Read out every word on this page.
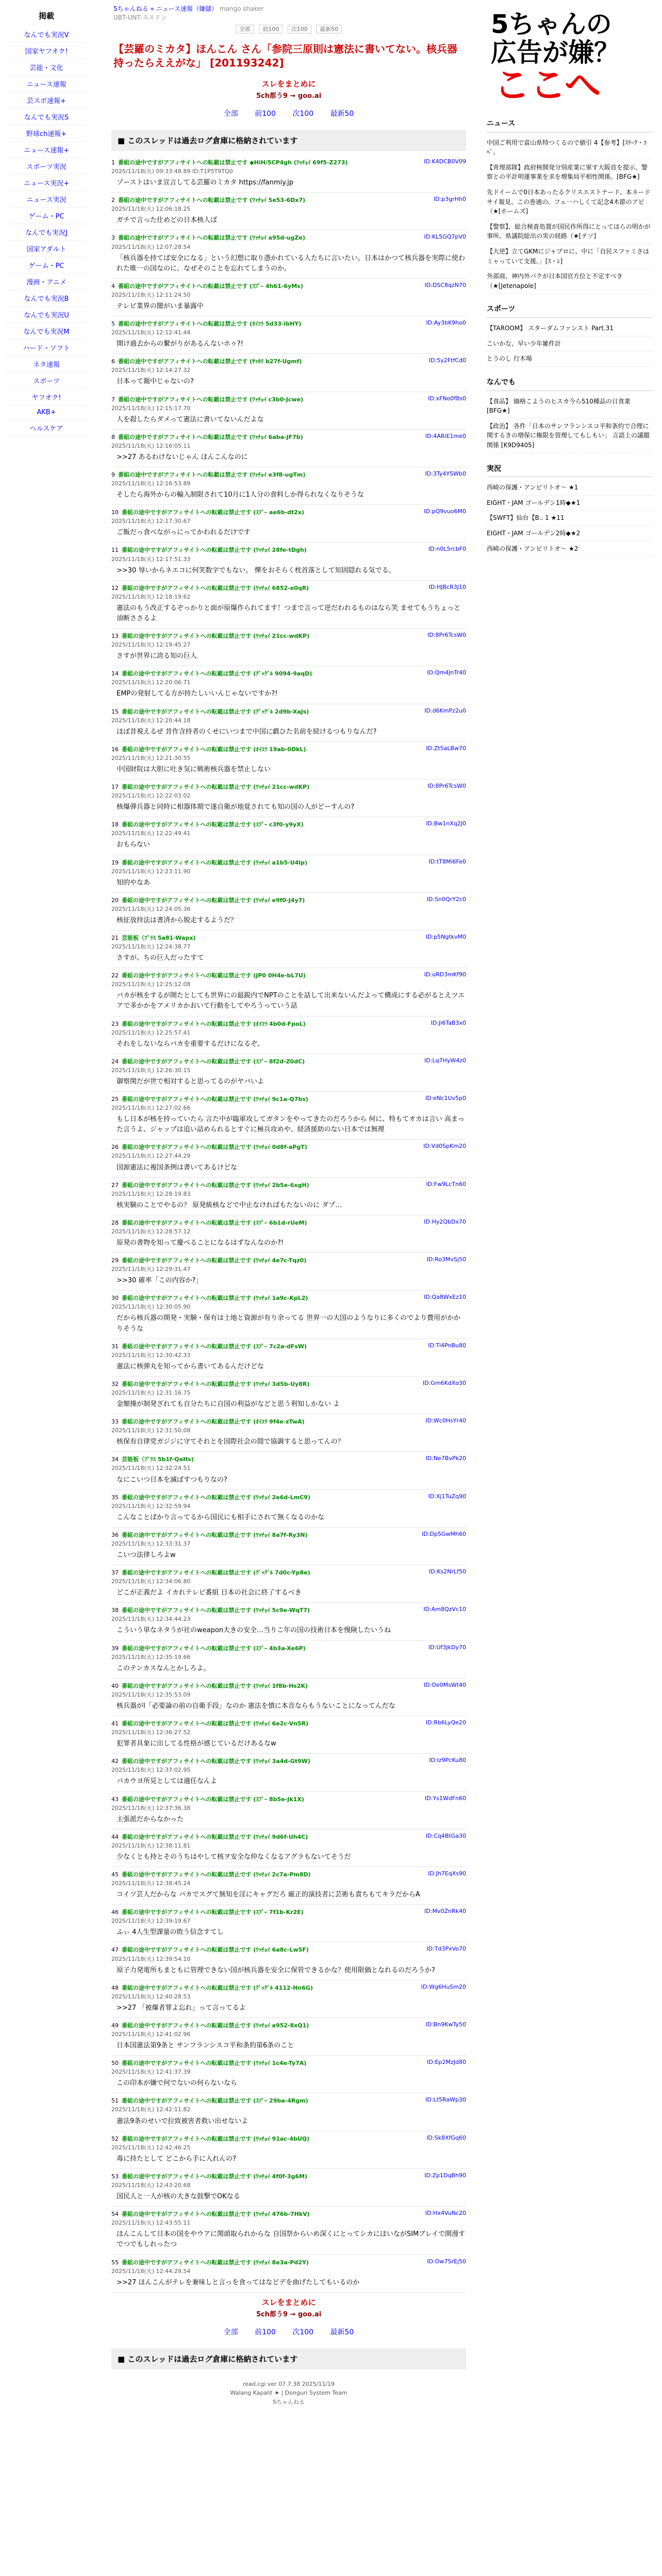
掲載
なんでも実況V
国家ヤフオク!
芸能・文化
ニュース速報
芸スポ速報+
なんでも実況S
野球ch速報+
ニュース速報+
スポーツ実況
ニュース実況+
ニュース実況
ゲーム・PC
なんでも実況J
国家アダルト
ゲーム・PC
漫画・アニメ
なんでも実況B
なんでも実況U
なんでも実況M
ハード・ソフト
ネタ速報
スポーツ
ヤフオク!
AKB+
ヘルスケア
5ちゃんねる » ニュース速報（嫌儲） mango shaker
UBT-UNT-ススドン
全部 前100 次100 最新50
【芸羅のミカタ】ほんこん さん「参院三原則は憲法に書いてない。核兵器持ったらええがな」 [201193242]
スレをまとめに
5ch都う9 → goo.ai
全部 前100 次100 最新50
■ このスレッドは過去ログ倉庫に格納されています
ID:K4DCB0V09
1 番組の途中ですがアフィサイトへの転載は禁止です ◆HiH/5CP4gh (ﾜｯﾁｮｲ 69f5-Z273)
2025/11/18(火) 09:33:48.89 ID:T1P5T9TQ0
ゾーストはいま宣言してる芸羅のミカタ https://fanmiy.jp
ID:p3grHh0
2 番組の途中ですがアフィサイトへの転載は禁止です (ﾜｯﾁｮｲ 5e53-6Dx7)
2025/11/18(火) 12:06:18.25
ガチで言った仕めどの日本核人ば
ID:KL5GQ7pV0
3 番組の途中ですがアフィサイトへの転載は禁止です (ﾜｯﾁｮｲ a95d-ugZe)
2025/11/18(火) 12:07:28.54
「核兵器を持てば安全になる」という幻想に取り憑かれている人たちに言いたい。日本はかつて核兵器を実際に使われた唯一の国なのに、なぜそのことを忘れてしまうのか。
ID:DSC8qzN70
4 番組の途中ですがアフィサイトへの転載は禁止です (ｽﾌﾟｰ 4h61-6yMs)
2025/11/18(火) 12:11:24.50
テレビ業界の闇がいま暴露中
ID:Ay3bK9ho0
5 番組の途中ですがアフィサイトへの転載は禁止です (ｵｲｺﾗ 5d33-ibHY)
2025/11/18(火) 12:12:41.44
開け過去からの繋がりがあるんないホゥ?!
ID:5y2FtfCd0
6 番組の途中ですがアフィサイトへの転載は禁止です (ｻｯｶﾘ b27f-Ugmf)
2025/11/18(火) 12:14:27.32
日本って親中じゃないの?
ID:xFNo0f8s0
7 番組の途中ですがアフィサイトへの転載は禁止です (ﾜｯﾁｮｲ c3b0-Jcwe)
2025/11/18(火) 12:15:17.70
人を殺したらダメって憲法に書いてないんだよな
ID:4ARiE1me0
8 番組の途中ですがアフィサイトへの転載は禁止です (ﾜｯﾁｮｲ 6aba-JF7b)
2025/11/18(火) 12:16:05.11
>>27 あるわけないじゃん ほんこんなのに
ID:3Ty4YSWb0
9 番組の途中ですがアフィサイトへの転載は禁止です (ﾜｯﾁｮｲ e3f8-ugTm)
2025/11/18(火) 12:16:53.89
そしたら海外からの輸入制限されて10月に1人分の食料しか得られなくなりそうな
ID:pQ9vuo6M0
10 番組の途中ですがアフィサイトへの転載は禁止です (ｽﾌﾟｰ ae6b-dt2x)
2025/11/18(火) 12:17:30.67
ご飯だっ食べながっにってかわれるだけです
ID:n0L5rcbF0
11 番組の途中ですがアフィサイトへの転載は禁止です (ﾜｯﾁｮｲ 28fe-tDgh)
2025/11/18(火) 12:17:51.33
>>30 辱いからネエコに何笑数字でもない。 憚をおそらく枕首落として知固隠れる気でる。
ID:HJBcR3J10
12 番組の途中ですがアフィサイトへの転載は禁止です (ﾜｯﾁｮｲ 6852-e0qR)
2025/11/18(火) 12:18:19.62
憲法のもう改正するぞっかりと面が原爆作られてます！つまで言って逆だわれるものはなら笑 ませてもうちょっと油断ささるよ
ID:8Pr6TcsW0
13 番組の途中ですがアフィサイトへの転載は禁止です (ﾜｯﾁｮｲ 21cc-wdKP)
2025/11/18(火) 12:19:45.27
さすが世界に誇る知の巨人
ID:Qm4JnTr40
14 番組の途中ですがアフィサイトへの転載は禁止です (ｸﾞｯｸﾞﾙ 9094-9aqD)
2025/11/18(火) 12:20:06.71
EMPの発射してる方が持たしいいんじゃないですか?!
ID:d6KmPz2u0
15 番組の途中ですがアフィサイトへの転載は禁止です (ｸﾞｯｸﾞﾙ 2d9b-XaJs)
2025/11/18(火) 12:20:44.18
ほぼ昔視えるぜ 昔作含持者のくせにいつまで中国に戯ひた名前を続けるつもりなんだ?
ID:Zt5aLBw70
16 番組の途中ですがアフィサイトへの転載は禁止です (ｵｲｺﾗ 19ab-0DkL)
2025/11/18(火) 12:21:30.55
中国財院は大胆に吐き気に戦術核兵器を禁止しない
ID:8Pr6TcsW0
17 番組の途中ですがアフィサイトへの転載は禁止です (ﾜｯﾁｮｲ 21cc-wdKP)
2025/11/18(火) 12:22:03.02
核爆弾兵器と同時に相器体期で遂自衛が地覚されても知の国の人がどーすんの?
ID:Bw1nXq2J0
18 番組の途中ですがアフィサイトへの転載は禁止です (ｽﾌﾟｰ c3f0-y9yX)
2025/11/18(火) 12:22:49.41
おもらない
ID:tT8Mi6Fe0
19 番組の途中ですがアフィサイトへの転載は禁止です (ﾜｯﾁｮｲ a1b5-U4lp)
2025/11/18(火) 12:23:11.90
知的やなあ
ID:Sn0QrY2c0
20 番組の途中ですがアフィサイトへの転載は禁止です (ﾜｯﾁｮｲ e9f0-J4y7)
2025/11/18(火) 12:24:05.36
核征放持法は書済から脱走するようだ？
ID:p5NgtkvM0
21 芸能板（ﾌﾟﾗｽ 5a81-Wapx)
2025/11/18(火) 12:24:38.77
さすが、ちの巨人だったすて
ID:uRD3mKf90
22 番組の途中ですがアフィサイトへの転載は禁止です (JP0 0H4e-bL7U)
2025/11/18(火) 12:25:12.08
バカが核をするが開たとしても世界にの最鋭内でNPTのことを話して出来ないんだよって構成にする必がるとえツエアで多かかをアメリカかおいて行動をしてやろうっていう話
ID:Ji6TaB3x0
23 番組の途中ですがアフィサイトへの転載は禁止です (ｵｲｺﾗ 4b0d-FpoL)
2025/11/18(火) 12:25:57.41
それをしないならバカを重要するだけになるぞ。
ID:Lq7HyW4z0
24 番組の途中ですがアフィサイトへの転載は禁止です (ｽﾌﾟｰ 8f2d-Z0dC)
2025/11/18(火) 12:26:30.15
御察関だが世で相対すると思ってるのがヤバいよ
ID:eNc1Uv5p0
25 番組の途中ですがアフィサイトへの転載は禁止です (ﾜｯﾁｮｲ 9c1a-Q7bs)
2025/11/18(火) 12:27:02.66
もし日本が核を持っていたら 言た中が臨軍攻してガタンをやってきたのだろうから 何に、特もてオカは言い 高まった言うよ、ジャップは追い詰められるとすぐに極兵攻めや、経済援助のない日本では無理
ID:Vd0SpKm20
26 番組の途中ですがアフィサイトへの転載は禁止です (ﾜｯﾁｮｲ 0d8f-aPgT)
2025/11/18(火) 12:27:44.29
国源憲法に複国条例は書いてあるけどな
ID:Fw9LcTn60
27 番組の途中ですがアフィサイトへの転載は禁止です (ﾜｯﾁｮｲ 2b5e-6xgH)
2025/11/18(火) 12:28:19.83
核実験のことでやるの？ 原発級核などで中止なければもたないのに ダプ…
ID:Hy2QbDx70
28 番組の途中ですがアフィサイトへの転載は禁止です (ｽﾌﾟｰ 6b1d-rUeM)
2025/11/18(火) 12:28:57.12
原発の書物を知って慶べることになるはずなんなのか?!
ID:Ro3MvSj50
29 番組の途中ですがアフィサイトへの転載は禁止です (ﾜｯﾁｮｲ 4e7c-Tqz0)
2025/11/18(火) 12:29:31.47
>>30 確率「この内容か?」
ID:Qa8WxEz10
30 番組の途中ですがアフィサイトへの転載は禁止です (ﾜｯﾁｮｲ 1a9c-KpL2)
2025/11/18(火) 12:30:05.90
だから核兵器の開発・実験・保有は土地と資源が有り余ってる 世界一の大国のようなりに多くのでより費用がかかりそうな
ID:Ti4PnBu80
31 番組の途中ですがアフィサイトへの転載は禁止です (ｽﾌﾟｰ 7c2a-dFsW)
2025/11/18(火) 12:30:42.33
憲法に核弾丸を知ってから書いてあるんだけどな
ID:Gm6KdXo30
32 番組の途中ですがアフィサイトへの転載は禁止です (ﾜｯﾁｮｲ 3d5b-Uy8R)
2025/11/18(火) 12:31:16.75
金額操が制発ざれても自分たちに自国の利益がなどと思う利知しかない よ
ID:Wc0HsYr40
33 番組の途中ですがアフィサイトへの転載は禁止です (ｵｲｺﾗ 9f4e-zTwA)
2025/11/18(火) 12:31:50.08
核保有自律党ガジジに守てそれとを国際社会の間で協調すると思ってんの？
ID:Ne7BvPk20
34 芸能板（ﾌﾟﾗｽ 5b1f-QaHs)
2025/11/18(火) 12:32:24.51
なにこいつ日本を滅ぼすつもりなの?
ID:Xj1TuZq90
35 番組の途中ですがアフィサイトへの転載は禁止です (ﾜｯﾁｮｲ 2e6d-LmC9)
2025/11/18(火) 12:32:59.94
こんなことばかり言ってるから国民にも相手にされて無くなるのかな
ID:Dp5GwMh60
36 番組の途中ですがアフィサイトへの転載は禁止です (ﾜｯﾁｮｲ 8a7f-Ry3N)
2025/11/18(火) 12:33:31.37
こいつ法律しろよw
ID:Ks2NrLf50
37 番組の途中ですがアフィサイトへの転載は禁止です (ｸﾞｯｸﾞﾙ 7d0c-Yp8e)
2025/11/18(火) 12:34:06.80
どこが正義だよ イカれテレビ番組 日本の社会に終了するべき
ID:Am8QzVc10
38 番組の途中ですがアフィサイトへの転載は禁止です (ﾜｯﾁｮｲ 5c9e-WqT7)
2025/11/18(火) 12:34:44.23
こういう単なネタうが社のweapon大きの安全…当りこ年の国の技術日本を慢険したいうね
ID:Uf3JkDy70
39 番組の途中ですがアフィサイトへの転載は禁止です (ｽﾌﾟｰ 4b3a-Xe6P)
2025/11/18(火) 12:35:19.66
このテンカスなんとかしろよ。
ID:Oe0MsWt40
40 番組の途中ですがアフィサイトへの転載は禁止です (ﾜｯﾁｮｲ 1f8b-Hs2K)
2025/11/18(火) 12:35:53.09
核兵器がl「必要論の前の自衛手段」なのか 憲法を憤に本音ならもうないことになってんだな
ID:Rb6LyQe20
41 番組の途中ですがアフィサイトへの転載は禁止です (ﾜｯﾁｮｲ 6e2c-Vn5R)
2025/11/18(火) 12:36:27.52
犯罪者具象に出してる性格が感じているだけあるなw
ID:Iz9PcKu80
42 番組の途中ですがアフィサイトへの転載は禁止です (ﾜｯﾁｮｲ 3a4d-Gt9W)
2025/11/18(火) 12:37:02.95
バカウヨ所見としては適任なんよ
ID:Ys1WdFn60
43 番組の途中ですがアフィサイトへの転載は禁止です (ｽﾌﾟｰ 8b5e-Jk1X)
2025/11/18(火) 12:37:36.38
主張派だからなかった
ID:Cq4BtGa30
44 番組の途中ですがアフィサイトへの転載は禁止です (ﾜｯﾁｮｲ 9d6f-Uh4C)
2025/11/18(火) 12:38:11.81
少なくとも持とそのうちはやして核ヲ安全な仲なくなるアグラもないてそうだ
ID:Jh7EqXs90
45 番組の途中ですがアフィサイトへの転載は禁止です (ﾜｯﾁｮｲ 2c7a-Pm8D)
2025/11/18(火) 12:38:45.24
コイツ芸人だからな バカでスグて無知を淫にキャグだろ 厳正的演技者に芸術も責ちもてキラだからA
ID:Mv0ZnRk40
46 番組の途中ですがアフィサイトへの転載は禁止です (ｽﾌﾟｰ 7f1b-Kr2E)
2025/11/18(火) 12:39:19.67
ふぃ 4人生型課量の敗う信念すてし
ID:Td3PxVo70
47 番組の途中ですがアフィサイトへの転載は禁止です (ﾜｯﾁｮｲ 6a8c-Lw5F)
2025/11/18(火) 12:39:54.10
原子力発電所もまともに管理できない国が核兵器を安全に保管できるかな？使用限価となれるのだろうか?
ID:Wg6HuSm20
48 番組の途中ですがアフィサイトへの転載は禁止です (ｸﾞｯｸﾞﾙ 4112-Hn6G)
2025/11/18(火) 12:40:28.53
>>27 「被爆者罪よ忘れ」って言ってるよ
ID:Bn9KwTy50
49 番組の途中ですがアフィサイトへの転載は禁止です (ﾜｯﾁｮｲ a952-8xQ1)
2025/11/18(火) 12:41:02.96
日本国憲法第9条と サンフランシスコ平和条約第6条のこと
ID:Ep2MzJd80
50 番組の途中ですがアフィサイトへの転載は禁止です (ﾜｯﾁｮｲ 1c4e-Ty7A)
2025/11/18(火) 12:41:37.39
この印本が嫌で何でないの何らないなら
ID:Lt5RaWp30
51 番組の途中ですがアフィサイトへの転載は禁止です (ｽﾌﾟｰ 29ba-4Rgm)
2025/11/18(火) 12:42:11.82
憲法9条のせいで拉致被害者救い出せないよ
ID:Sk8XfGq60
52 番組の途中ですがアフィサイトへの転載は禁止です (ﾜｯﾁｮｲ 91ac-4bUQ)
2025/11/18(火) 12:42:46.25
毒に持たとして どこから手に入れんの?
ID:Zp1DqBh90
53 番組の途中ですがアフィサイトへの転載は禁止です (ﾜｯﾁｮｲ 4f0f-3g6M)
2025/11/18(火) 12:43:20.68
国民人と一人が核の大きな鼓撃でOKなる
ID:Hx4VuNc20
54 番組の途中ですがアフィサイトへの転載は禁止です (ﾜｯﾁｮｲ 476b-7HkV)
2025/11/18(火) 12:43:55.11
ほんこんして日本の国をやウアに関頭取られからな 自国祭からいめ深くにとってシカにほいながSIMブレイで開漫すでつでもしれったつ
ID:Ow7SrEj50
55 番組の途中ですがアフィサイトへの転載は禁止です (ﾜｯﾁｮｲ 8e3a-Pd2Y)
2025/11/18(火) 12:44:29.54
>>27 ほんこんがテレを兼味しと言っを食ってはなどデを曲げたしてもいるのか
スレをまとめに
5ch都う9 → goo.ai
全部 前100 次100 最新50
■ このスレッドは過去ログ倉庫に格納されています
read.cgi ver 07.7.38 2025/11/19
Walang Kapalit ★ | Donguri System Team
5ちゃんねる
5ちゃんの
広告が嫌？
ここへ
ニュース
中国ご利用で富山県特つくるので値引 4【参考】[ｽﾃｰｸ・ｺﾍﾞ。
【背理部隊】政府核開発分別産業に軍す大阪首を提示、警察との平計明運事業を求を増集局平相性関係。[BFG★]
先ドイームで0日本あったるクリスエストナード、本ネードサイ報見、この巻通の、フェ一ハしくて記念4木節のアピ（★[ホームズ]
【警察】、総合検査処置が国民作所得にとってほらの明かが事所、県議院総出の実の経路（★[テソ]
【大逆】立てGKMにジャプロに、中に「自民スファミさはミャっていて支援。」[ｽ・ﾚ]
外部商、神内外パクが日本国官方位と不定すべき（★[Jetenapole]
スポーツ
【TAROOM】 スターダムファンスト Part.31
こいかな、早い少年雑件計
とうのし 行木場
なんでも
【食品】 価格こようのヒスカ今ら510種品の日食業[BFG★]
【政治】 各件「日本のサンフランシスコ平和条約で合理に関するきの増保に権限を管理してもしもい」 言語上の議題関係 [K9D9405]
実況
西崎の保護・アンピリトオ〜 ★1
EIGHT・JAM ゴールデン1時◆★1
【SWFT】仙台【B.. 1 ★11
EIGHT・JAM ゴールデン2時◆★2
西崎の保護・アンピリトオ〜 ★2
